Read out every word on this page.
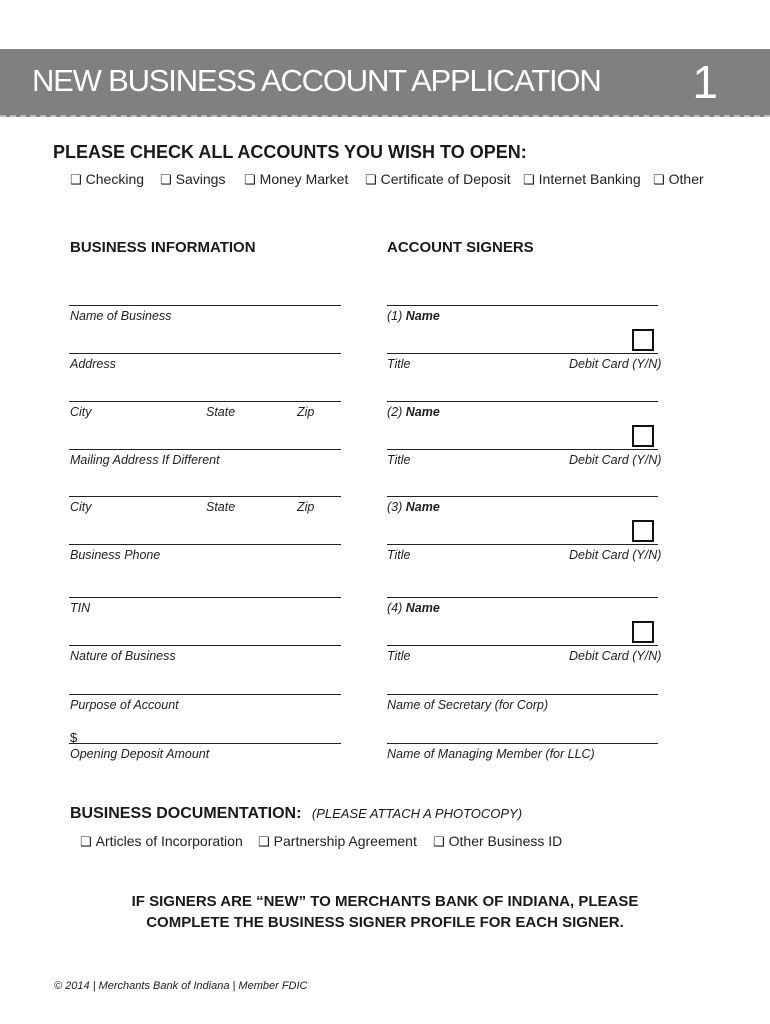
NEW BUSINESS ACCOUNT APPLICATION 1
PLEASE CHECK ALL ACCOUNTS YOU WISH TO OPEN:
❑ Checking ❑ Savings ❑ Money Market ❑ Certificate of Deposit ❑ Internet Banking ❑ Other
BUSINESS INFORMATION	ACCOUNT SIGNERS
Name of Business
Address
City	State	Zip
Mailing Address If Different
City	State	Zip
Business Phone
TIN
Nature of Business
Purpose of Account
$
Opening Deposit Amount
(1) Name
Title	Debit Card (Y/N)
(2) Name
Title	Debit Card (Y/N)
(3) Name
Title	Debit Card (Y/N)
(4) Name
Title	Debit Card (Y/N)
Name of Secretary (for Corp)
Name of Managing Member (for LLC)
BUSINESS DOCUMENTATION: (PLEASE ATTACH A PHOTOCOPY)
❑ Articles of Incorporation ❑ Partnership Agreement ❑ Other Business ID
IF SIGNERS ARE “NEW” TO MERCHANTS BANK OF INDIANA, PLEASE
COMPLETE THE BUSINESS SIGNER PROFILE FOR EACH SIGNER.
© 2014 | Merchants Bank of Indiana | Member FDIC
